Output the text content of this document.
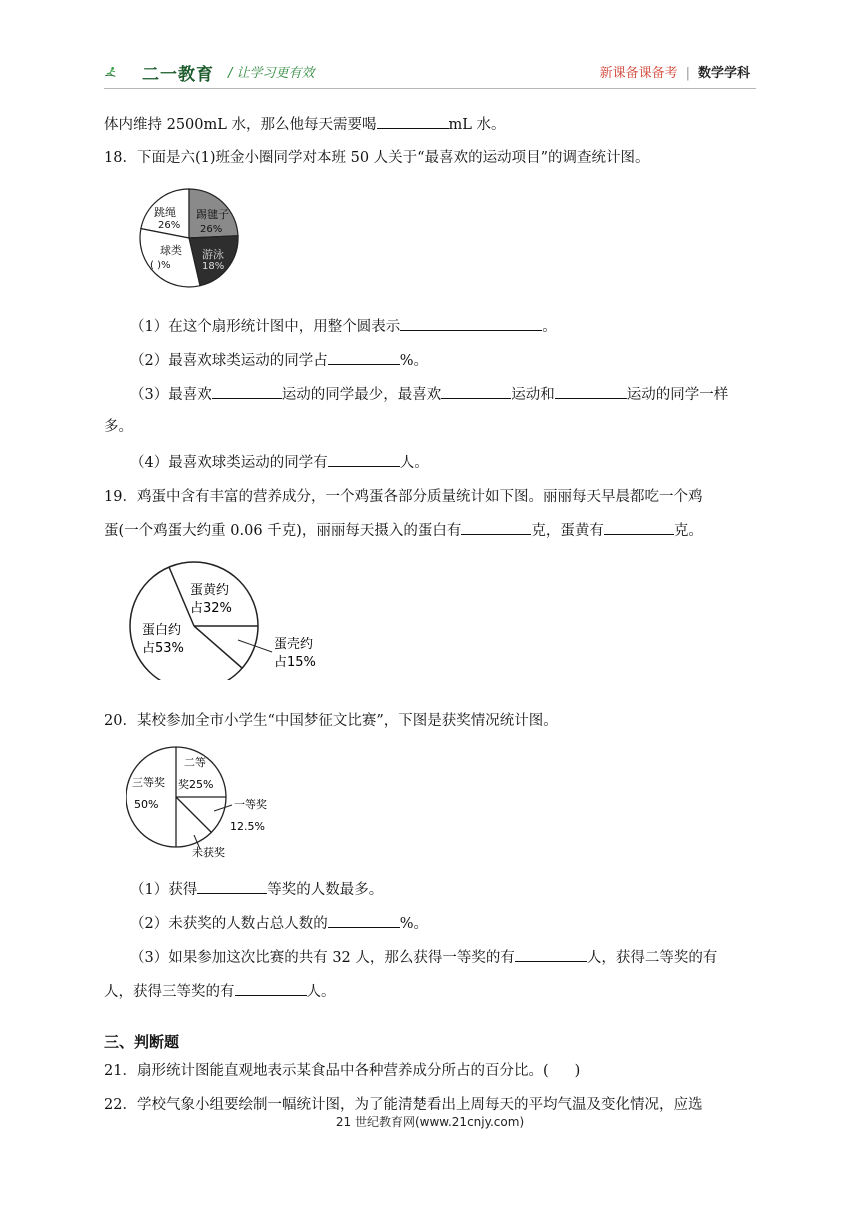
二一教育 / 让学习更有效	新课备课备考 | 数学学科
体内维持 2500mL 水，那么他每天需要喝	mL 水。
18．下面是六(1)班金小圈同学对本班 50 人关于“最喜欢的运动项目”的调查统计图。
跳绳
26%
踢毽子
26%
游泳
18%
球类
( )%
（1）在这个扇形统计图中，用整个圆表示	。
（2）最喜欢球类运动的同学占	%。
（3）最喜欢	运动的同学最少，最喜欢	运动和	运动的同学一样
多。
（4）最喜欢球类运动的同学有	人。
19．鸡蛋中含有丰富的营养成分，一个鸡蛋各部分质量统计如下图。丽丽每天早晨都吃一个鸡
蛋(一个鸡蛋大约重 0.06 千克)，丽丽每天摄入的蛋白有	克，蛋黄有	克。
蛋黄约
占32%
蛋白约
占53%	蛋壳约
占15%
20．某校参加全市小学生“中国梦征文比赛”，下图是获奖情况统计图。
三等奖
50%
二等
奖25%
一等奖
12.5%
未获奖
（1）获得	等奖的人数最多。
（2）未获奖的人数占总人数的	%。
（3）如果参加这次比赛的共有 32 人，那么获得一等奖的有	人，获得二等奖的有
人，获得三等奖的有	人。
三、判断题
21．扇形统计图能直观地表示某食品中各种营养成分所占的百分比。( )
22．学校气象小组要绘制一幅统计图，为了能清楚看出上周每天的平均气温及变化情况，应选
21 世纪教育网(www.21cnjy.com)
